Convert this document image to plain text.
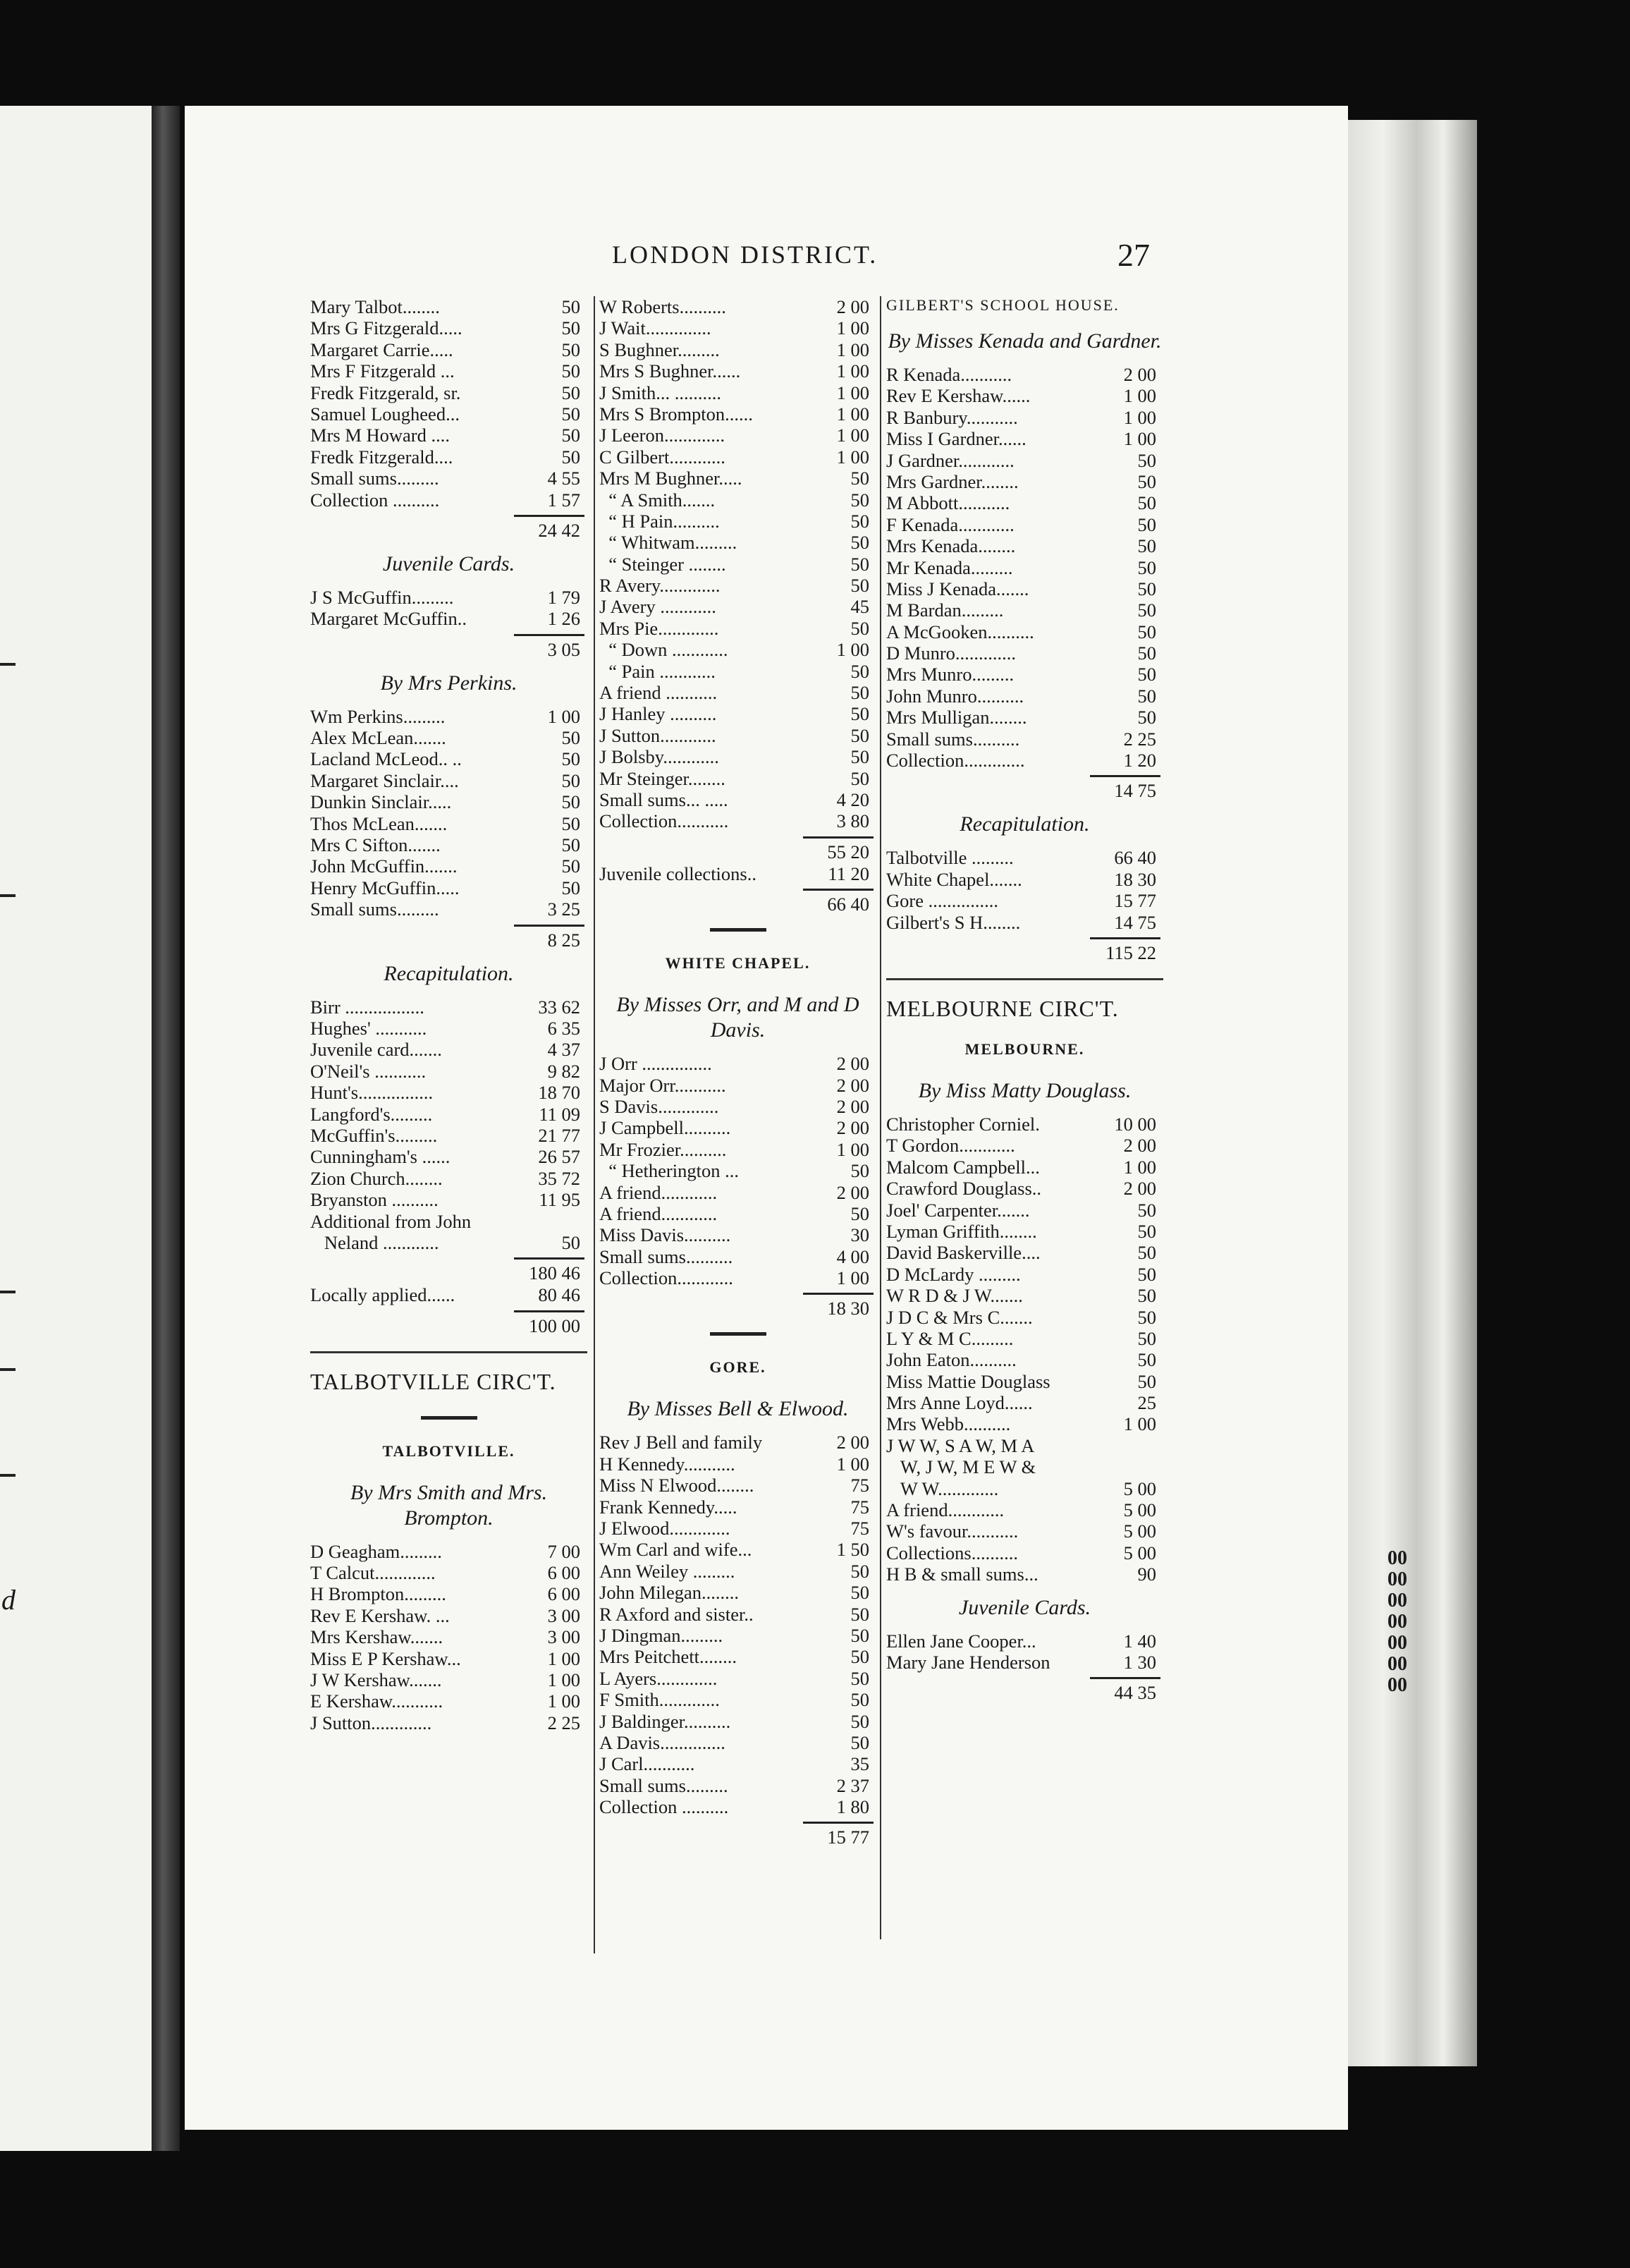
d
00
00
00
00
00
00
00
LONDON DISTRICT.	27
Mary Talbot........	50
Mrs G Fitzgerald.....	50
Margaret Carrie.....	50
Mrs F Fitzgerald ...	50
Fredk Fitzgerald, sr.	50
Samuel Lougheed...	50
Mrs M Howard ....	50
Fredk Fitzgerald....	50
Small sums.........	4 55
Collection ..........	1 57
24 42
Juvenile Cards.
J S McGuffin.........	1 79
Margaret McGuffin..	1 26
3 05
By Mrs Perkins.
Wm Perkins.........	1 00
Alex McLean.......	50
Lacland McLeod.. ..	50
Margaret Sinclair....	50
Dunkin Sinclair.....	50
Thos McLean.......	50
Mrs C Sifton.......	50
John McGuffin.......	50
Henry McGuffin.....	50
Small sums.........	3 25
8 25
Recapitulation.
Birr .................	33 62
Hughes' ...........	6 35
Juvenile card.......	4 37
O'Neil's ...........	9 82
Hunt's................	18 70
Langford's.........	11 09
McGuffin's.........	21 77
Cunningham's ......	26 57
Zion Church........	35 72
Bryanston ..........	11 95
Additional from John
Neland ............	50
180 46
Locally applied......	80 46
100 00
TALBOTVILLE CIRC'T.
TALBOTVILLE.
By Mrs Smith and Mrs. Brompton.
D Geagham.........	7 00
T Calcut.............	6 00
H Brompton.........	6 00
Rev E Kershaw. ...	3 00
Mrs Kershaw.......	3 00
Miss E P Kershaw...	1 00
J W Kershaw.......	1 00
E Kershaw...........	1 00
J Sutton.............	2 25
W Roberts..........	2 00
J Wait..............	1 00
S Bughner.........	1 00
Mrs S Bughner......	1 00
J Smith... ..........	1 00
Mrs S Brompton......	1 00
J Leeron.............	1 00
C Gilbert............	1 00
Mrs M Bughner.....	50
“ A Smith.......	50
“ H Pain..........	50
“ Whitwam.........	50
“ Steinger ........	50
R Avery.............	50
J Avery ............	45
Mrs Pie.............	50
“ Down ............	1 00
“ Pain ............	50
A friend ...........	50
J Hanley ..........	50
J Sutton............	50
J Bolsby............	50
Mr Steinger........	50
Small sums... .....	4 20
Collection...........	3 80
55 20
Juvenile collections..	11 20
66 40
WHITE CHAPEL.
By Misses Orr, and M and D Davis.
J Orr ...............	2 00
Major Orr...........	2 00
S Davis.............	2 00
J Campbell..........	2 00
Mr Frozier..........	1 00
“ Hetherington ...	50
A friend............	2 00
A friend............	50
Miss Davis..........	30
Small sums..........	4 00
Collection............	1 00
18 30
GORE.
By Misses Bell & Elwood.
Rev J Bell and family	2 00
H Kennedy...........	1 00
Miss N Elwood........	75
Frank Kennedy.....	75
J Elwood.............	75
Wm Carl and wife...	1 50
Ann Weiley .........	50
John Milegan........	50
R Axford and sister..	50
J Dingman.........	50
Mrs Peitchett........	50
L Ayers.............	50
F Smith.............	50
J Baldinger..........	50
A Davis..............	50
J Carl...........	35
Small sums.........	2 37
Collection ..........	1 80
15 77
GILBERT'S SCHOOL HOUSE.
By Misses Kenada and Gardner.
R Kenada...........	2 00
Rev E Kershaw......	1 00
R Banbury...........	1 00
Miss I Gardner......	1 00
J Gardner............	50
Mrs Gardner........	50
M Abbott...........	50
F Kenada............	50
Mrs Kenada........	50
Mr Kenada.........	50
Miss J Kenada.......	50
M Bardan.........	50
A McGooken..........	50
D Munro.............	50
Mrs Munro.........	50
John Munro..........	50
Mrs Mulligan........	50
Small sums..........	2 25
Collection.............	1 20
14 75
Recapitulation.
Talbotville .........	66 40
White Chapel.......	18 30
Gore ...............	15 77
Gilbert's S H........	14 75
115 22
MELBOURNE CIRC'T.
MELBOURNE.
By Miss Matty Douglass.
Christopher Corniel.	10 00
T Gordon............	2 00
Malcom Campbell...	1 00
Crawford Douglass..	2 00
Joel' Carpenter.......	50
Lyman Griffith........	50
David Baskerville....	50
D McLardy .........	50
W R D & J W.......	50
J D C & Mrs C.......	50
L Y & M C.........	50
John Eaton..........	50
Miss Mattie Douglass	50
Mrs Anne Loyd......	25
Mrs Webb..........	1 00
J W W, S A W, M A
W, J W, M E W &
W W.............	5 00
A friend............	5 00
W's favour...........	5 00
Collections..........	5 00
H B & small sums...	90
Juvenile Cards.
Ellen Jane Cooper...	1 40
Mary Jane Henderson	1 30
44 35
